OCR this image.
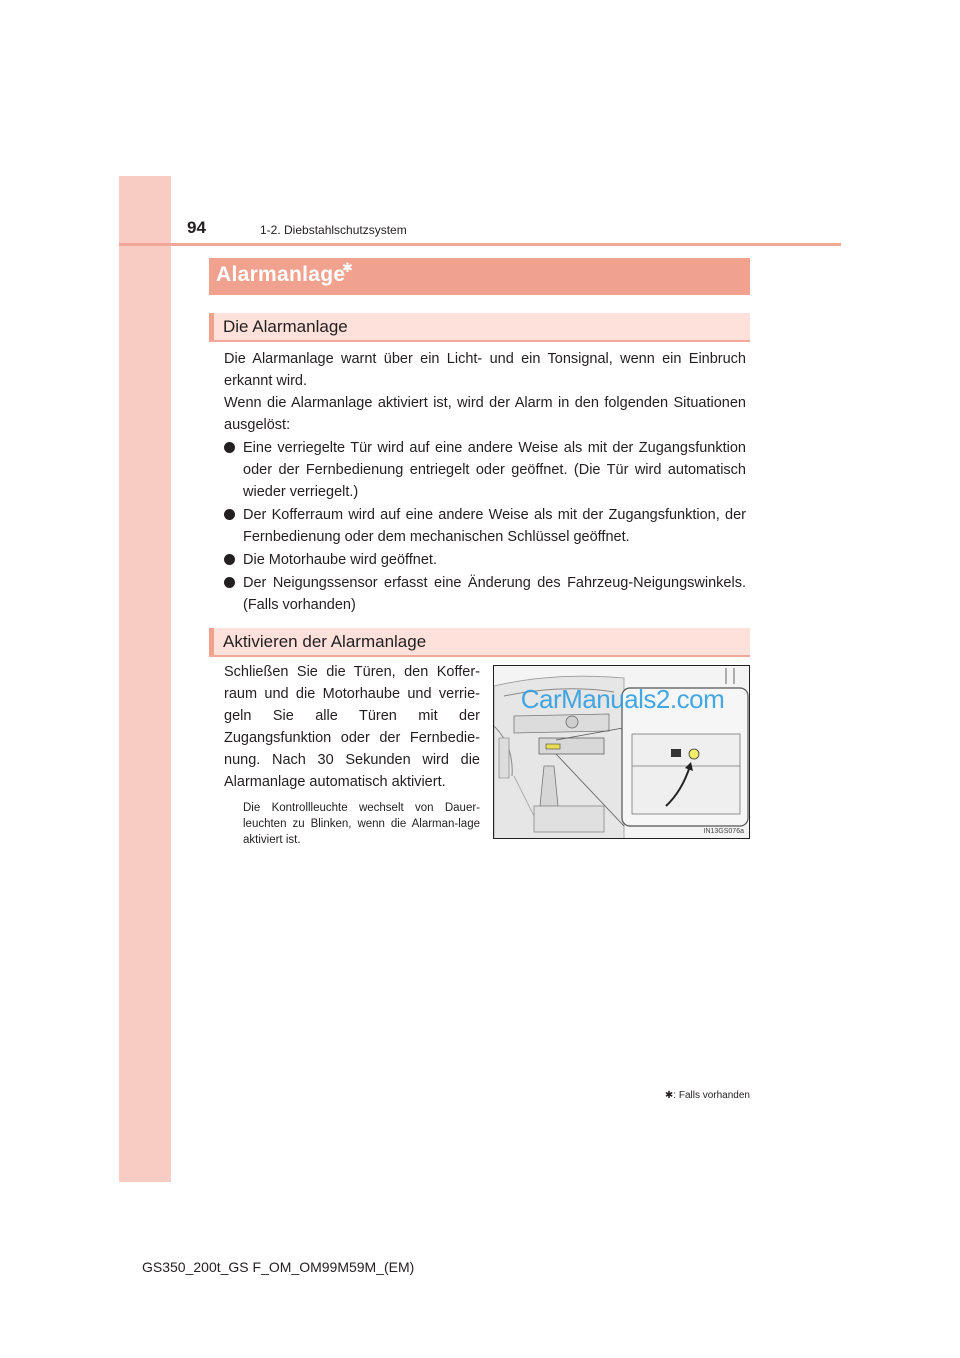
94	1-2. Diebstahlschutzsystem
Alarmanlage
✱
Die Alarmanlage

Die Alarmanlage warnt über ein Licht- und ein Tonsignal, wenn ein Einbruch erkannt wird.

Wenn die Alarmanlage aktiviert ist, wird der Alarm in den folgenden Situationen ausgelöst:

Eine verriegelte Tür wird auf eine andere Weise als mit der Zugangsfunktion oder der Fernbedienung entriegelt oder geöffnet. (Die Tür wird automatisch wieder verriegelt.)
Der Kofferraum wird auf eine andere Weise als mit der Zugangsfunktion, der Fernbedienung oder dem mechanischen Schlüssel geöffnet.
Die Motorhaube wird geöffnet.
Der Neigungssensor erfasst eine Änderung des Fahrzeug-Neigungswinkels. (Falls vorhanden)
Aktivieren der Alarmanlage

Schließen Sie die Türen, den Koffer-raum und die Motorhaube und verrie-geln Sie alle Türen mit der Zugangsfunktion oder der Fernbedie-nung. Nach 30 Sekunden wird die Alarmanlage automatisch aktiviert.

Die Kontrollleuchte wechselt von Dauer-leuchten zu Blinken, wenn die Alarman-lage aktiviert ist.

CarManuals2.com
IN13GS076a
✱: Falls vorhanden
GS350_200t_GS F_OM_OM99M59M_(EM)
